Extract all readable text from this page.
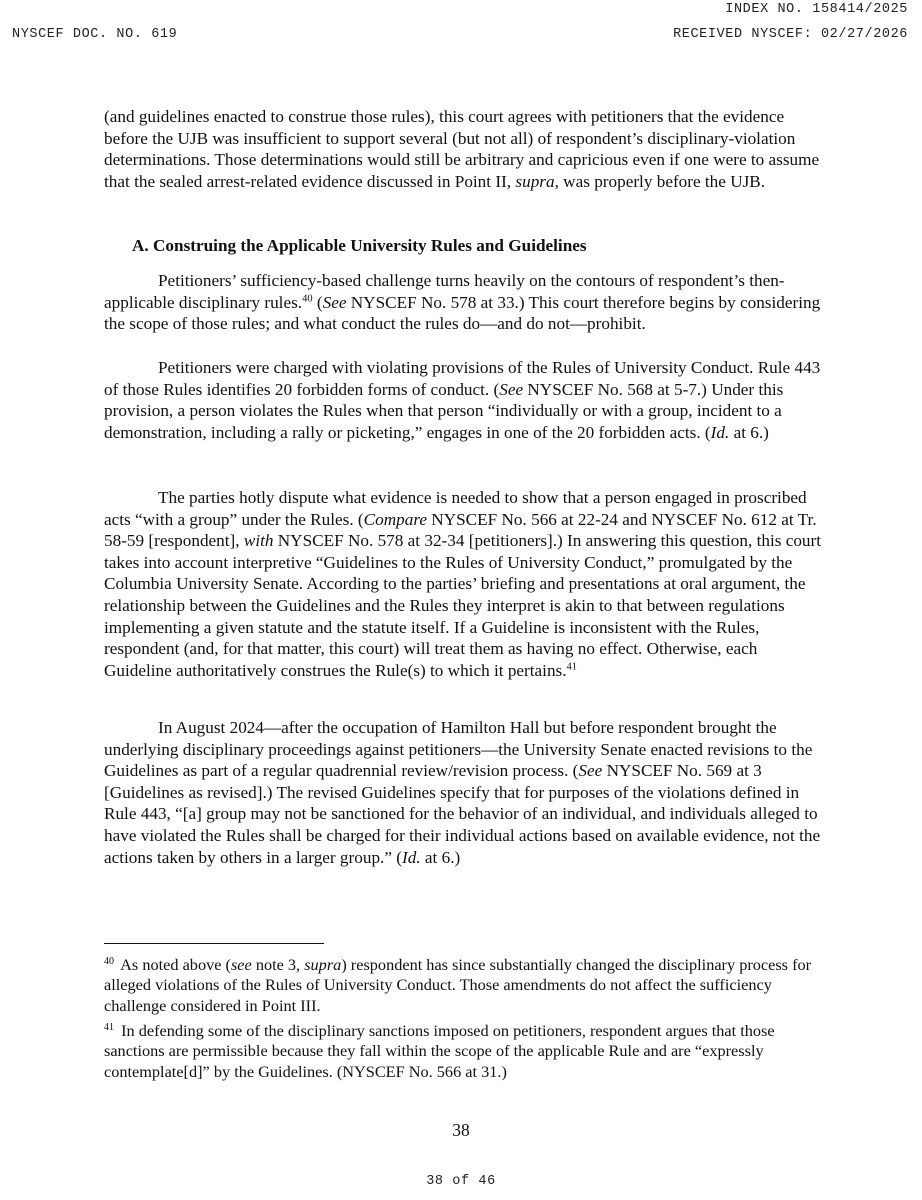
INDEX NO. 158414/2025
NYSCEF DOC. NO. 619	RECEIVED NYSCEF: 02/27/2026

(and guidelines enacted to construe those rules), this court agrees with petitioners that the evidence before the UJB was insufficient to support several (but not all) of respondent’s disciplinary-violation determinations. Those determinations would still be arbitrary and capricious even if one were to assume that the sealed arrest-related evidence discussed in Point II, supra, was properly before the UJB.

A. Construing the Applicable University Rules and Guidelines

Petitioners’ sufficiency-based challenge turns heavily on the contours of respondent’s then-applicable disciplinary rules.$^{40}$ (See NYSCEF No. 578 at 33.) This court therefore begins by considering the scope of those rules; and what conduct the rules do—and do not—prohibit.

Petitioners were charged with violating provisions of the Rules of University Conduct. Rule 443 of those Rules identifies 20 forbidden forms of conduct. (See NYSCEF No. 568 at 5-7.) Under this provision, a person violates the Rules when that person “individually or with a group, incident to a demonstration, including a rally or picketing,” engages in one of the 20 forbidden acts. (Id. at 6.)

The parties hotly dispute what evidence is needed to show that a person engaged in proscribed acts “with a group” under the Rules. (Compare NYSCEF No. 566 at 22-24 and NYSCEF No. 612 at Tr. 58-59 [respondent], with NYSCEF No. 578 at 32-34 [petitioners].) In answering this question, this court takes into account interpretive “Guidelines to the Rules of University Conduct,” promulgated by the Columbia University Senate. According to the parties’ briefing and presentations at oral argument, the relationship between the Guidelines and the Rules they interpret is akin to that between regulations implementing a given statute and the statute itself. If a Guideline is inconsistent with the Rules, respondent (and, for that matter, this court) will treat them as having no effect. Otherwise, each Guideline authoritatively construes the Rule(s) to which it pertains.$^{41}$

In August 2024—after the occupation of Hamilton Hall but before respondent brought the underlying disciplinary proceedings against petitioners—the University Senate enacted revisions to the Guidelines as part of a regular quadrennial review/revision process. (See NYSCEF No. 569 at 3 [Guidelines as revised].) The revised Guidelines specify that for purposes of the violations defined in Rule 443, “[a] group may not be sanctioned for the behavior of an individual, and individuals alleged to have violated the Rules shall be charged for their individual actions based on available evidence, not the actions taken by others in a larger group.” (Id. at 6.)

$^{40}$ As noted above (see note 3, supra) respondent has since substantially changed the disciplinary process for alleged violations of the Rules of University Conduct. Those amendments do not affect the sufficiency challenge considered in Point III.
$^{41}$ In defending some of the disciplinary sanctions imposed on petitioners, respondent argues that those sanctions are permissible because they fall within the scope of the applicable Rule and are “expressly contemplate[d]” by the Guidelines. (NYSCEF No. 566 at 31.)
38
38 of 46
